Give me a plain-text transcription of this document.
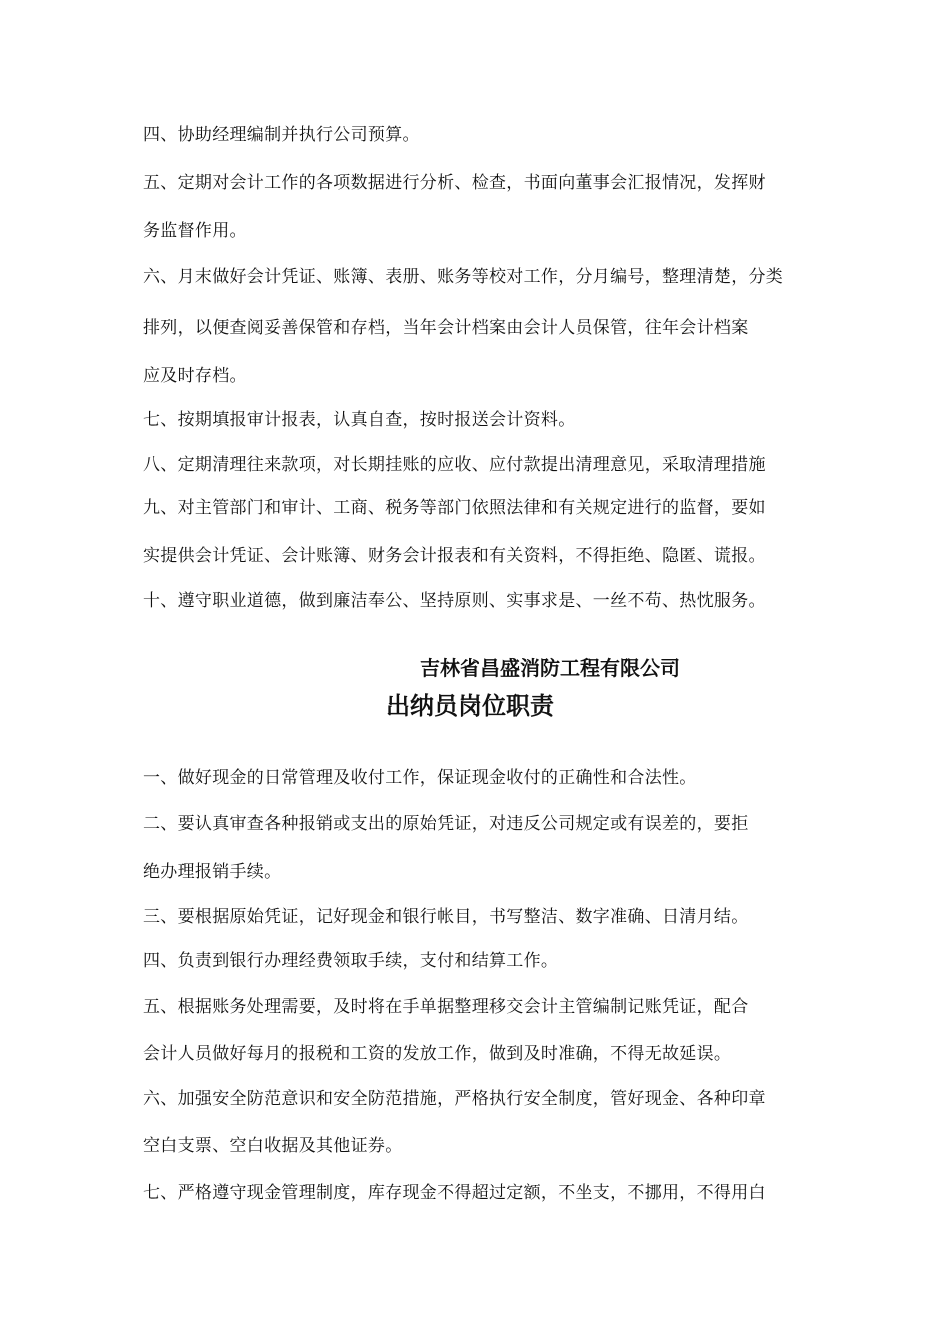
四、协助经理编制并执行公司预算。
五、定期对会计工作的各项数据进行分析、检查，书面向董事会汇报情况，发挥财
务监督作用。
六、月末做好会计凭证、账簿、表册、账务等校对工作，分月编号，整理清楚，分类
排列，以便查阅妥善保管和存档，当年会计档案由会计人员保管，往年会计档案
应及时存档。
七、按期填报审计报表，认真自查，按时报送会计资料。
八、定期清理往来款项，对长期挂账的应收、应付款提出清理意见，采取清理措施
九、对主管部门和审计、工商、税务等部门依照法律和有关规定进行的监督，要如
实提供会计凭证、会计账簿、财务会计报表和有关资料，不得拒绝、隐匿、谎报。
十、遵守职业道德，做到廉洁奉公、坚持原则、实事求是、一丝不苟、热忱服务。
吉林省昌盛消防工程有限公司
出纳员岗位职责
一、做好现金的日常管理及收付工作，保证现金收付的正确性和合法性。
二、要认真审查各种报销或支出的原始凭证，对违反公司规定或有误差的，要拒
绝办理报销手续。
三、要根据原始凭证，记好现金和银行帐目，书写整洁、数字准确、日清月结。
四、负责到银行办理经费领取手续，支付和结算工作。
五、根据账务处理需要，及时将在手单据整理移交会计主管编制记账凭证，配合
会计人员做好每月的报税和工资的发放工作，做到及时准确，不得无故延误。
六、加强安全防范意识和安全防范措施，严格执行安全制度，管好现金、各种印章
空白支票、空白收据及其他证券。
七、严格遵守现金管理制度，库存现金不得超过定额，不坐支，不挪用，不得用白
